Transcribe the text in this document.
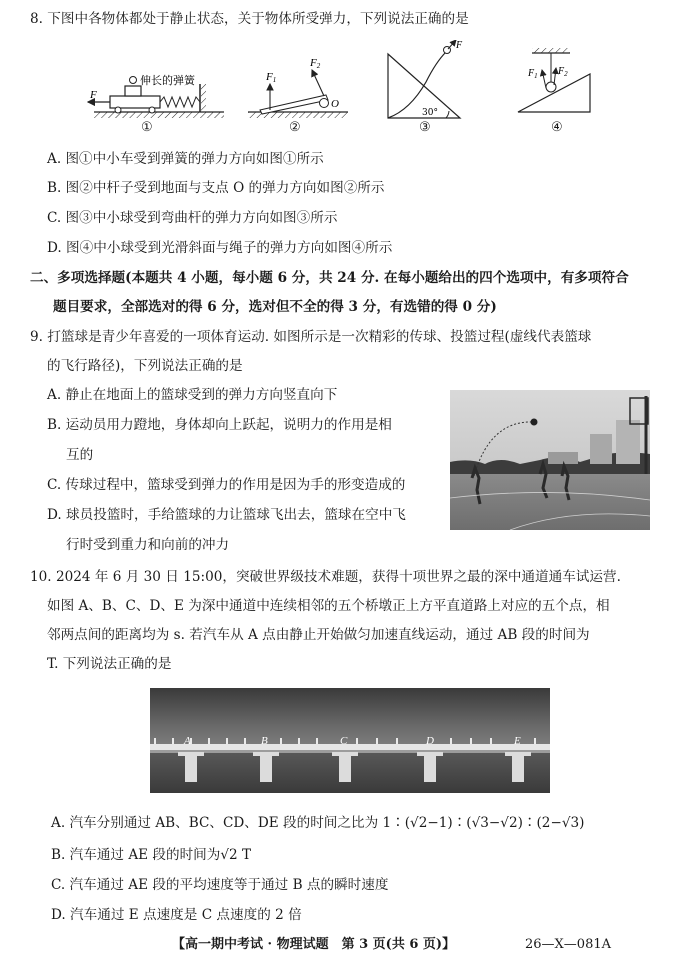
8. 下图中各物体都处于静止状态，关于物体所受弹力，下列说法正确的是
F
伸长的弹簧	F1
F2
O
F
30°
$F_1$ $F_2$
①	②	③	④
A. 图①中小车受到弹簧的弹力方向如图①所示
B. 图②中杆子受到地面与支点 O 的弹力方向如图②所示
C. 图③中小球受到弯曲杆的弹力方向如图③所示
D. 图④中小球受到光滑斜面与绳子的弹力方向如图④所示
二、多项选择题(本题共 4 小题，每小题 6 分，共 24 分. 在每小题给出的四个选项中，有多项符合
题目要求，全部选对的得 6 分，选对但不全的得 3 分，有选错的得 0 分)
9. 打篮球是青少年喜爱的一项体育运动. 如图所示是一次精彩的传球、投篮过程(虚线代表篮球
的飞行路径)，下列说法正确的是
A. 静止在地面上的篮球受到的弹力方向竖直向下
B. 运动员用力蹬地，身体却向上跃起，说明力的作用是相
互的
C. 传球过程中，篮球受到弹力的作用是因为手的形变造成的
D. 球员投篮时，手给篮球的力让篮球飞出去，篮球在空中飞
行时受到重力和向前的冲力
10. 2024 年 6 月 30 日 15:00，突破世界级技术难题，获得十项世界之最的深中通道通车试运营.
如图 A、B、C、D、E 为深中通道中连续相邻的五个桥墩正上方平直道路上对应的五个点，相
邻两点间的距离均为 s. 若汽车从 A 点由静止开始做匀加速直线运动，通过 AB 段的时间为
T. 下列说法正确的是
A	B	C	D	E
A. 汽车分别通过 AB、BC、CD、DE 段的时间之比为 1∶(√2−1)∶(√3−√2)∶(2−√3)
B. 汽车通过 AE 段的时间为√2 T
C. 汽车通过 AE 段的平均速度等于通过 B 点的瞬时速度
D. 汽车通过 E 点速度是 C 点速度的 2 倍
【高一期中考试 · 物理试题　第 3 页(共 6 页)】	26—X—081A
